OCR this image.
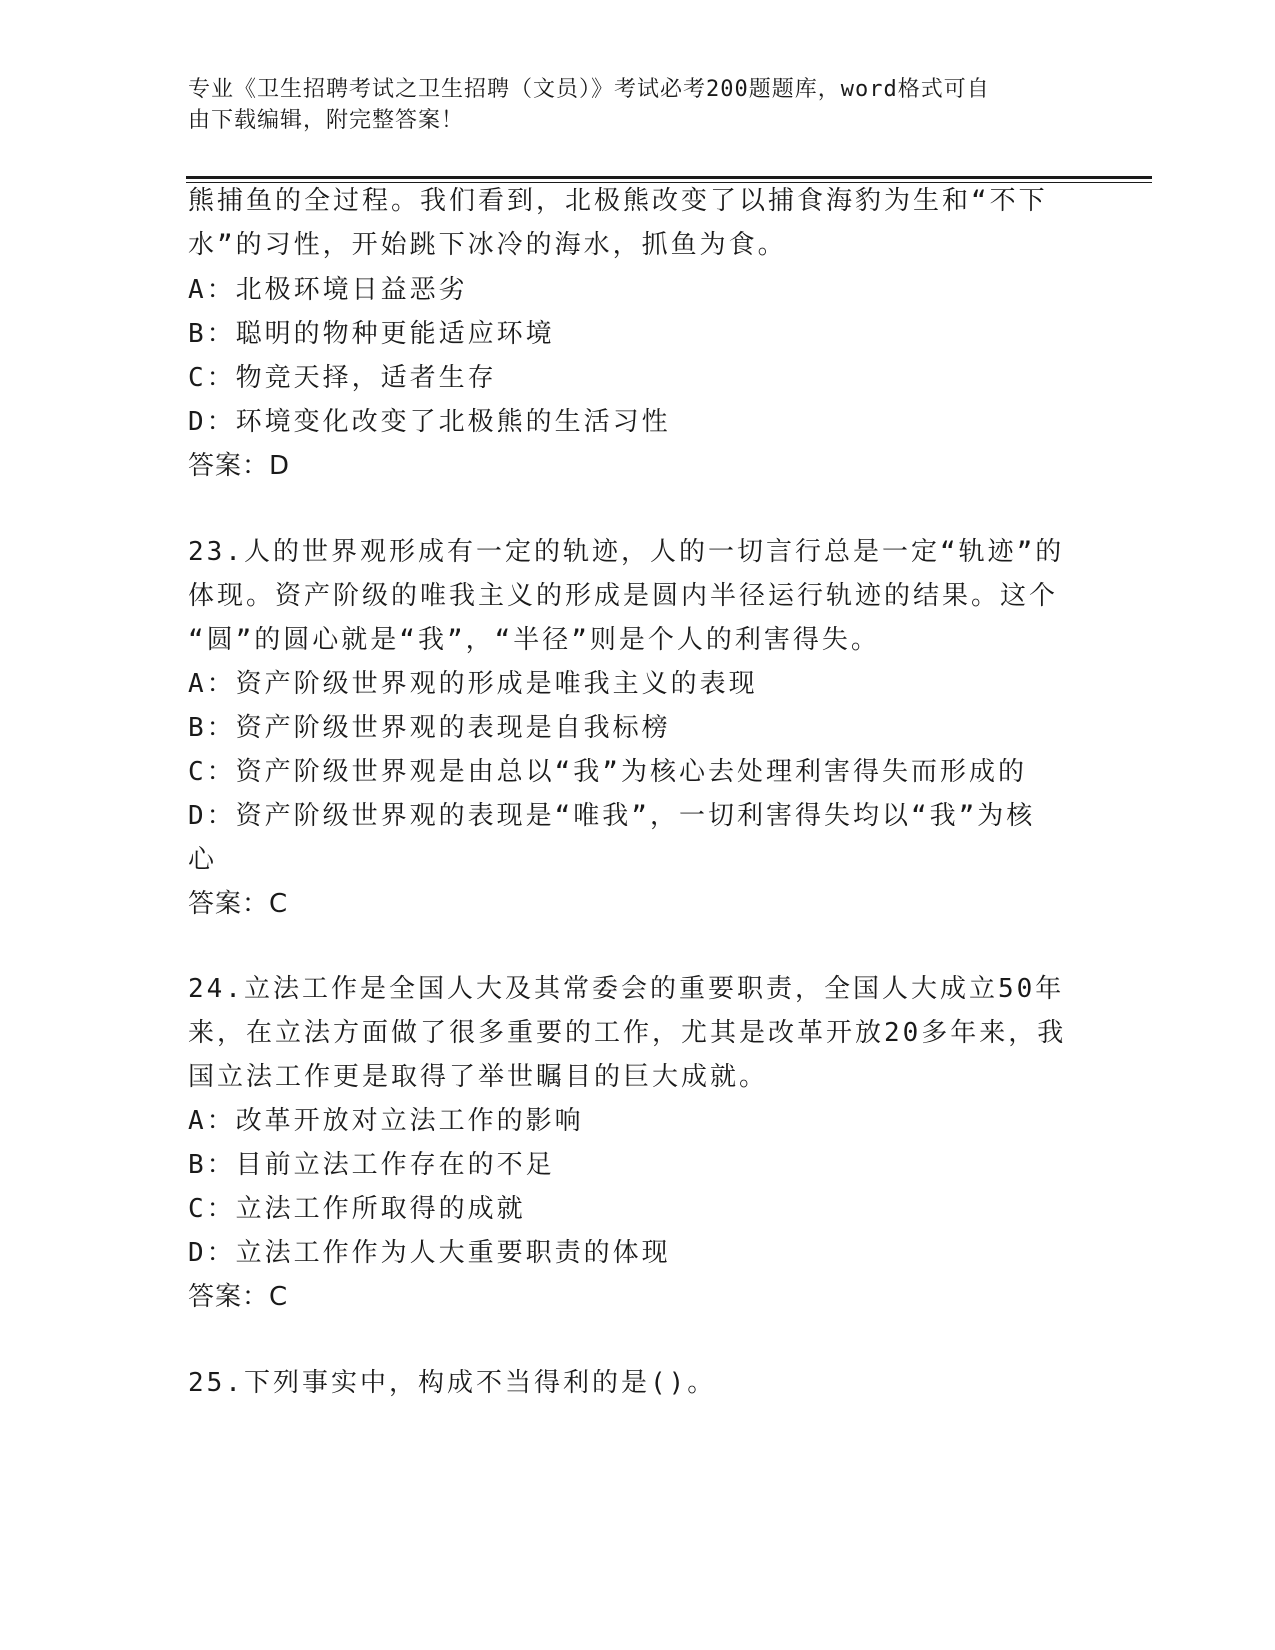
专业《卫生招聘考试之卫生招聘（文员）》考试必考200题题库，word格式可自
由下载编辑，附完整答案！
熊捕鱼的全过程。我们看到，北极熊改变了以捕食海豹为生和“不下
水”的习性，开始跳下冰冷的海水，抓鱼为食。
A：北极环境日益恶劣
B：聪明的物种更能适应环境
C：物竞天择，适者生存
D：环境变化改变了北极熊的生活习性
答案：D
23.人的世界观形成有一定的轨迹，人的一切言行总是一定“轨迹”的
体现。资产阶级的唯我主义的形成是圆内半径运行轨迹的结果。这个
“圆”的圆心就是“我”，“半径”则是个人的利害得失。
A：资产阶级世界观的形成是唯我主义的表现
B：资产阶级世界观的表现是自我标榜
C：资产阶级世界观是由总以“我”为核心去处理利害得失而形成的
D：资产阶级世界观的表现是“唯我”，一切利害得失均以“我”为核
心
答案：C
24.立法工作是全国人大及其常委会的重要职责，全国人大成立50年
来，在立法方面做了很多重要的工作，尤其是改革开放20多年来，我
国立法工作更是取得了举世瞩目的巨大成就。
A：改革开放对立法工作的影响
B：目前立法工作存在的不足
C：立法工作所取得的成就
D：立法工作作为人大重要职责的体现
答案：C
25.下列事实中，构成不当得利的是()。
